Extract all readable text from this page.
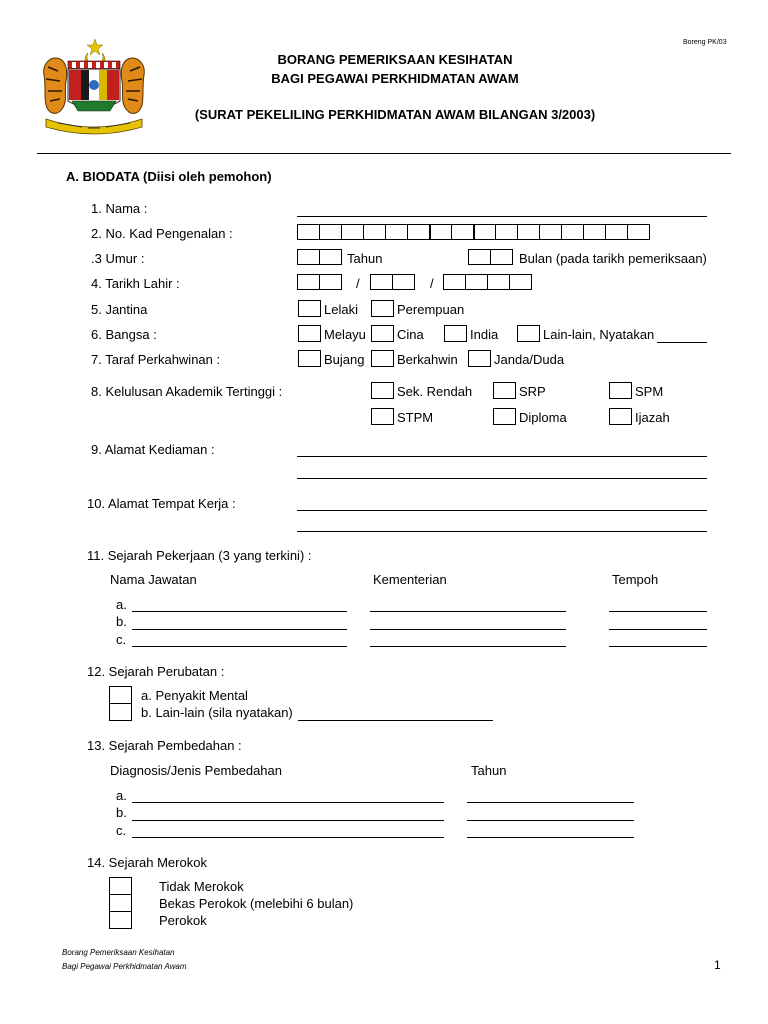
Boreng PK/03
BORANG PEMERIKSAAN KESIHATAN
BAGI PEGAWAI PERKHIDMATAN AWAM
(SURAT PEKELILING PERKHIDMATAN AWAM BILANGAN 3/2003)
A. BIODATA (Diisi oleh pemohon)
1. Nama :
2. No. Kad Pengenalan :
.3 Umur :	Tahun	Bulan (pada tarikh pemeriksaan)
4. Tarikh Lahir :	/	/
5. Jantina	Lelaki	Perempuan
6. Bangsa :	Melayu Cina	India	Lain-lain, Nyatakan
7. Taraf Perkahwinan :	Bujang	Berkahwin	Janda/Duda
8. Kelulusan Akademik Tertinggi :	Sek. Rendah	SRP	SPM
STPM	Diploma	Ijazah
9. Alamat Kediaman :
10. Alamat Tempat Kerja :
11. Sejarah Pekerjaan (3 yang terkini) :
Nama Jawatan	Kementerian	Tempoh
a.
b.
c.
12. Sejarah Perubatan :
a. Penyakit Mental
b. Lain-lain (sila nyatakan)
13. Sejarah Pembedahan :
Diagnosis/Jenis Pembedahan	Tahun
a.
b.
c.
14. Sejarah Merokok
Tidak Merokok
Bekas Perokok (melebihi 6 bulan)
Perokok
Borang Pemeriksaan Kesihatan
Bagi Pegawai Perkhidmatan Awam	1
